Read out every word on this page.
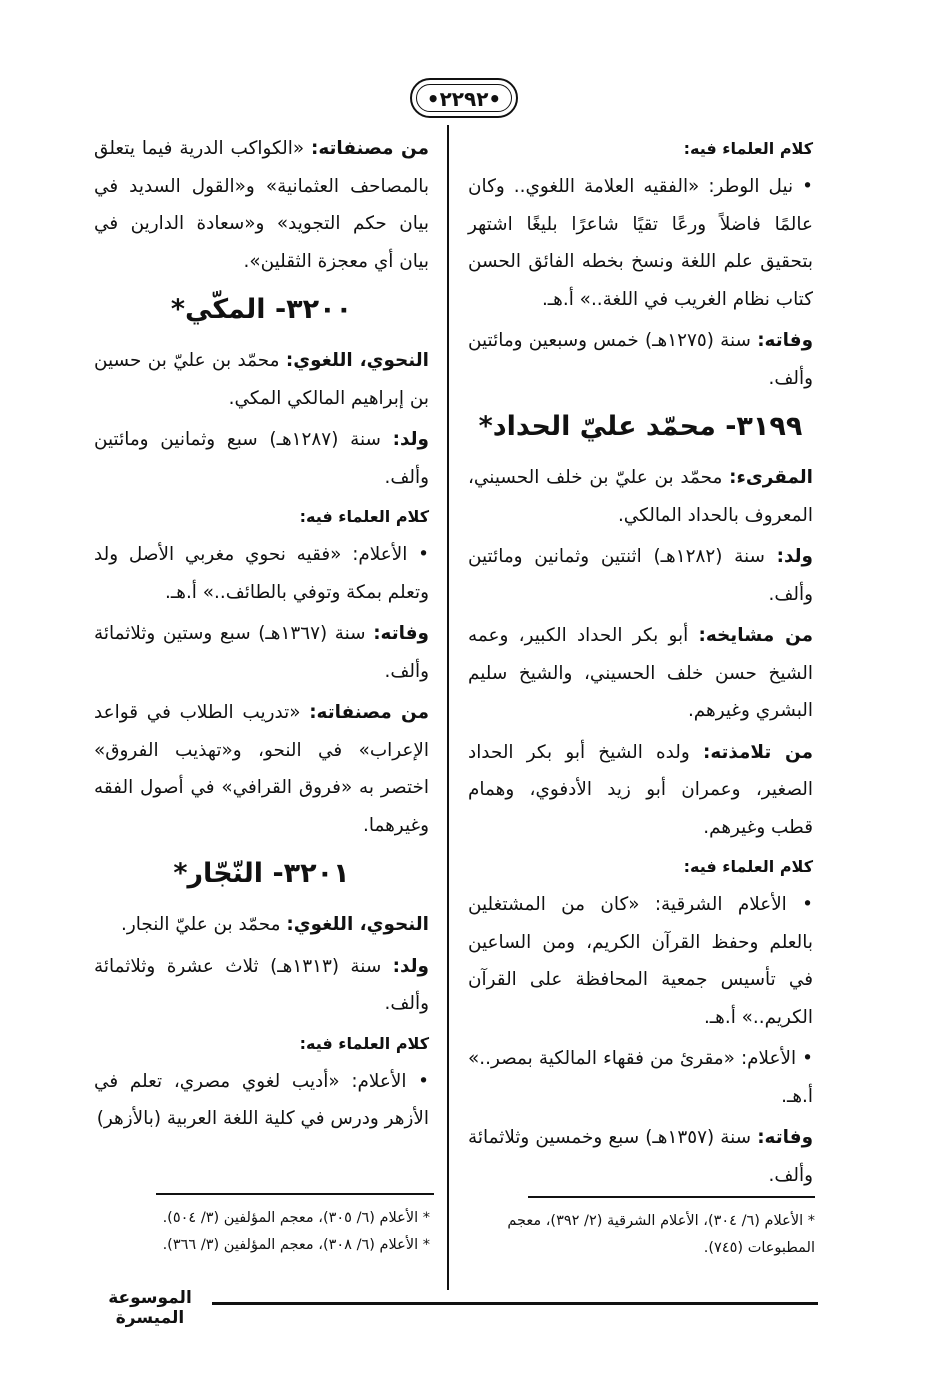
•٢٢٩٢•

كلام العلماء فيه:

• نيل الوطر: «الفقيه العلامة اللغوي.. وكان عالمًا فاضلاً ورعًا تقيًا شاعرًا بليغًا اشتهر بتحقيق علم اللغة ونسخ بخطه الفائق الحسن كتاب نظام الغريب في اللغة..» أ.هـ.

وفاته: سنة (١٢٧٥هـ) خمس وسبعين ومائتين وألف.

٣١٩٩- محمّد عليّ الحداد*

المقرىء: محمّد بن عليّ بن خلف الحسيني، المعروف بالحداد المالكي.

ولد: سنة (١٢٨٢هـ) اثنتين وثمانين ومائتين وألف.

من مشايخه: أبو بكر الحداد الكبير، وعمه الشيخ حسن خلف الحسيني، والشيخ سليم البشري وغيرهم.

من تلامذته: ولده الشيخ أبو بكر الحداد الصغير، وعمران أبو زيد الأدفوي، وهمام قطب وغيرهم.

كلام العلماء فيه:

• الأعلام الشرقية: «كان من المشتغلين بالعلم وحفظ القرآن الكريم، ومن الساعين في تأسيس جمعية المحافظة على القرآن الكريم..» أ.هـ.

• الأعلام: «مقرئ من فقهاء المالكية بمصر..» أ.هـ.

وفاته: سنة (١٣٥٧هـ) سبع وخمسين وثلاثمائة وألف.

من مصنفاته: «الكواكب الدرية فيما يتعلق بالمصاحف العثمانية» و«القول السديد في بيان حكم التجويد» و«سعادة الدارين في بيان أي معجزة الثقلين».

٣٢٠٠- المكّي*

النحوي، اللغوي: محمّد بن عليّ بن حسين بن إبراهيم المالكي المكي.

ولد: سنة (١٢٨٧هـ) سبع وثمانين ومائتين وألف.

كلام العلماء فيه:

• الأعلام: «فقيه نحوي مغربي الأصل ولد وتعلم بمكة وتوفي بالطائف..» أ.هـ.

وفاته: سنة (١٣٦٧هـ) سبع وستين وثلاثمائة وألف.

من مصنفاته: «تدريب الطلاب في قواعد الإعراب» في النحو، و«تهذيب الفروق» اختصر به «فروق القرافي» في أصول الفقه وغيرهما.

٣٢٠١- النّجّار*

النحوي، اللغوي: محمّد بن عليّ النجار.

ولد: سنة (١٣١٣هـ) ثلاث عشرة وثلاثمائة وألف.

كلام العلماء فيه:

• الأعلام: «أديب لغوي مصري، تعلم في الأزهر ودرس في كلية اللغة العربية (بالأزهر)

* الأعلام (٦/ ٣٠٤)، الأعلام الشرقية (٢/ ٣٩٢)، معجم المطبوعات (٧٤٥).
* الأعلام (٦/ ٣٠٥)، معجم المؤلفين (٣/ ٥٠٤).
* الأعلام (٦/ ٣٠٨)، معجم المؤلفين (٣/ ٣٦٦).
الموسوعة الميسرة
